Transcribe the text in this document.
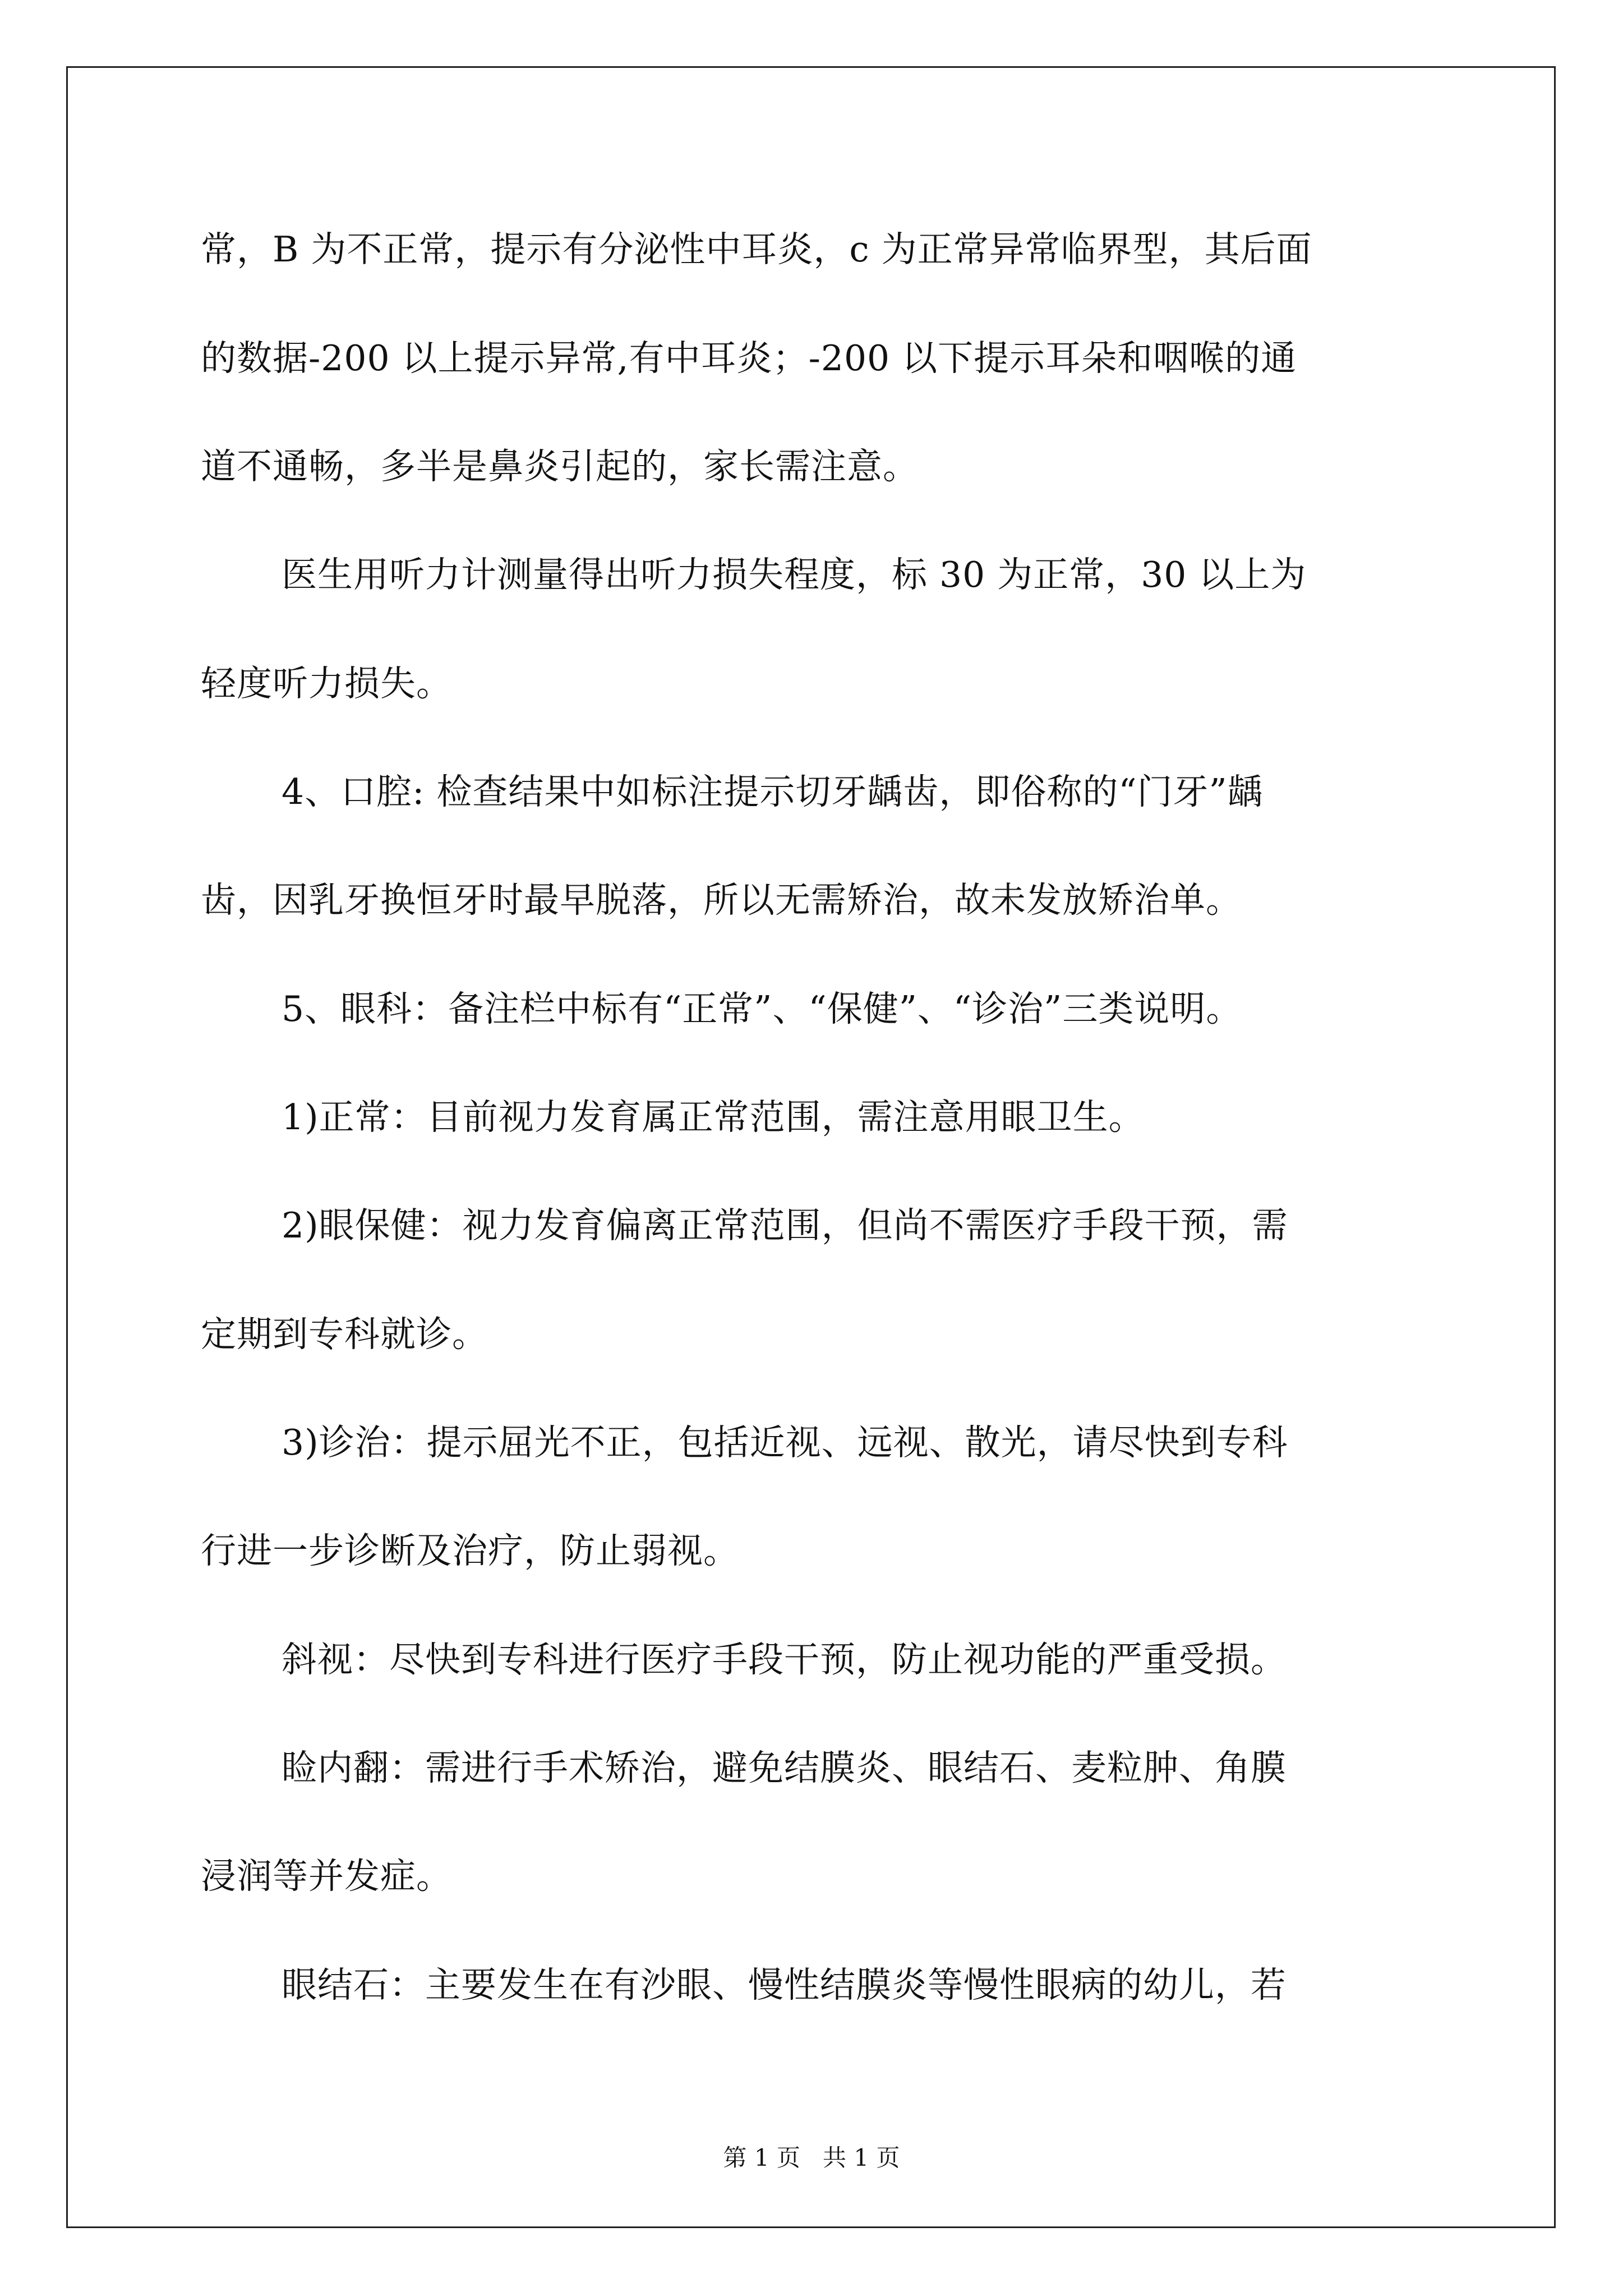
常，B 为不正常，提示有分泌性中耳炎，c 为正常异常临界型，其后面
的数据-200 以上提示异常,有中耳炎；-200 以下提示耳朵和咽喉的通
道不通畅，多半是鼻炎引起的，家长需注意。
医生用听力计测量得出听力损失程度，标 30 为正常，30 以上为
轻度听力损失。
4、口腔: 检查结果中如标注提示切牙龋齿，即俗称的“门牙”龋
齿，因乳牙换恒牙时最早脱落，所以无需矫治，故未发放矫治单。
5、眼科：备注栏中标有“正常”、“保健”、“诊治”三类说明。
1)正常：目前视力发育属正常范围，需注意用眼卫生。
2)眼保健：视力发育偏离正常范围，但尚不需医疗手段干预，需
定期到专科就诊。
3)诊治：提示屈光不正，包括近视、远视、散光，请尽快到专科
行进一步诊断及治疗，防止弱视。
斜视：尽快到专科进行医疗手段干预，防止视功能的严重受损。
睑内翻：需进行手术矫治，避免结膜炎、眼结石、麦粒肿、角膜
浸润等并发症。
眼结石：主要发生在有沙眼、慢性结膜炎等慢性眼病的幼儿，若
第 1 页   共 1 页
